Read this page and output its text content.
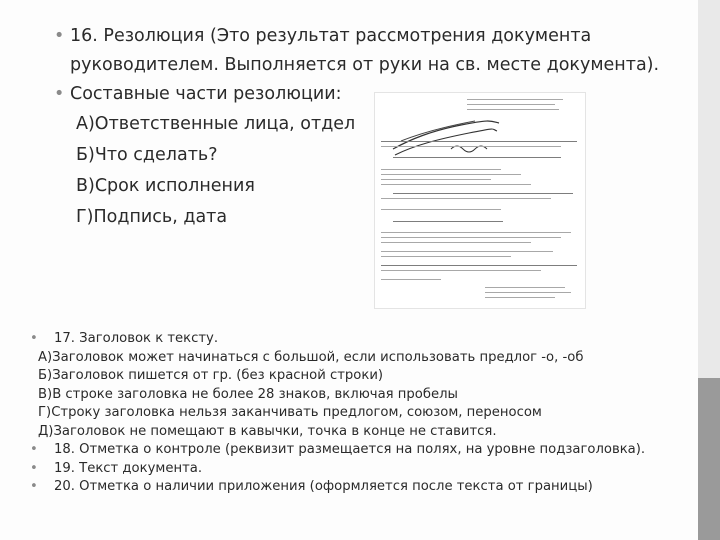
• 16. Резолюция (Это результат рассмотрения документа
руководителем. Выполняется от руки на св. месте документа).
• Составные части резолюции:
А)Ответственные лица, отдел
Б)Что сделать?
В)Срок исполнения
Г)Подпись, дата
• 17. Заголовок к тексту.
А)Заголовок может начинаться с большой, если использовать предлог -о, -об
Б)Заголовок пишется от гр. (без красной строки)
В)В строке заголовка не более 28 знаков, включая пробелы
Г)Строку заголовка нельзя заканчивать предлогом, союзом, переносом
Д)Заголовок не помещают в кавычки, точка в конце не ставится.
• 18. Отметка о контроле (реквизит размещается на полях, на уровне подзаголовка).
• 19. Текст документа.
• 20. Отметка о наличии приложения (оформляется после текста от границы)
